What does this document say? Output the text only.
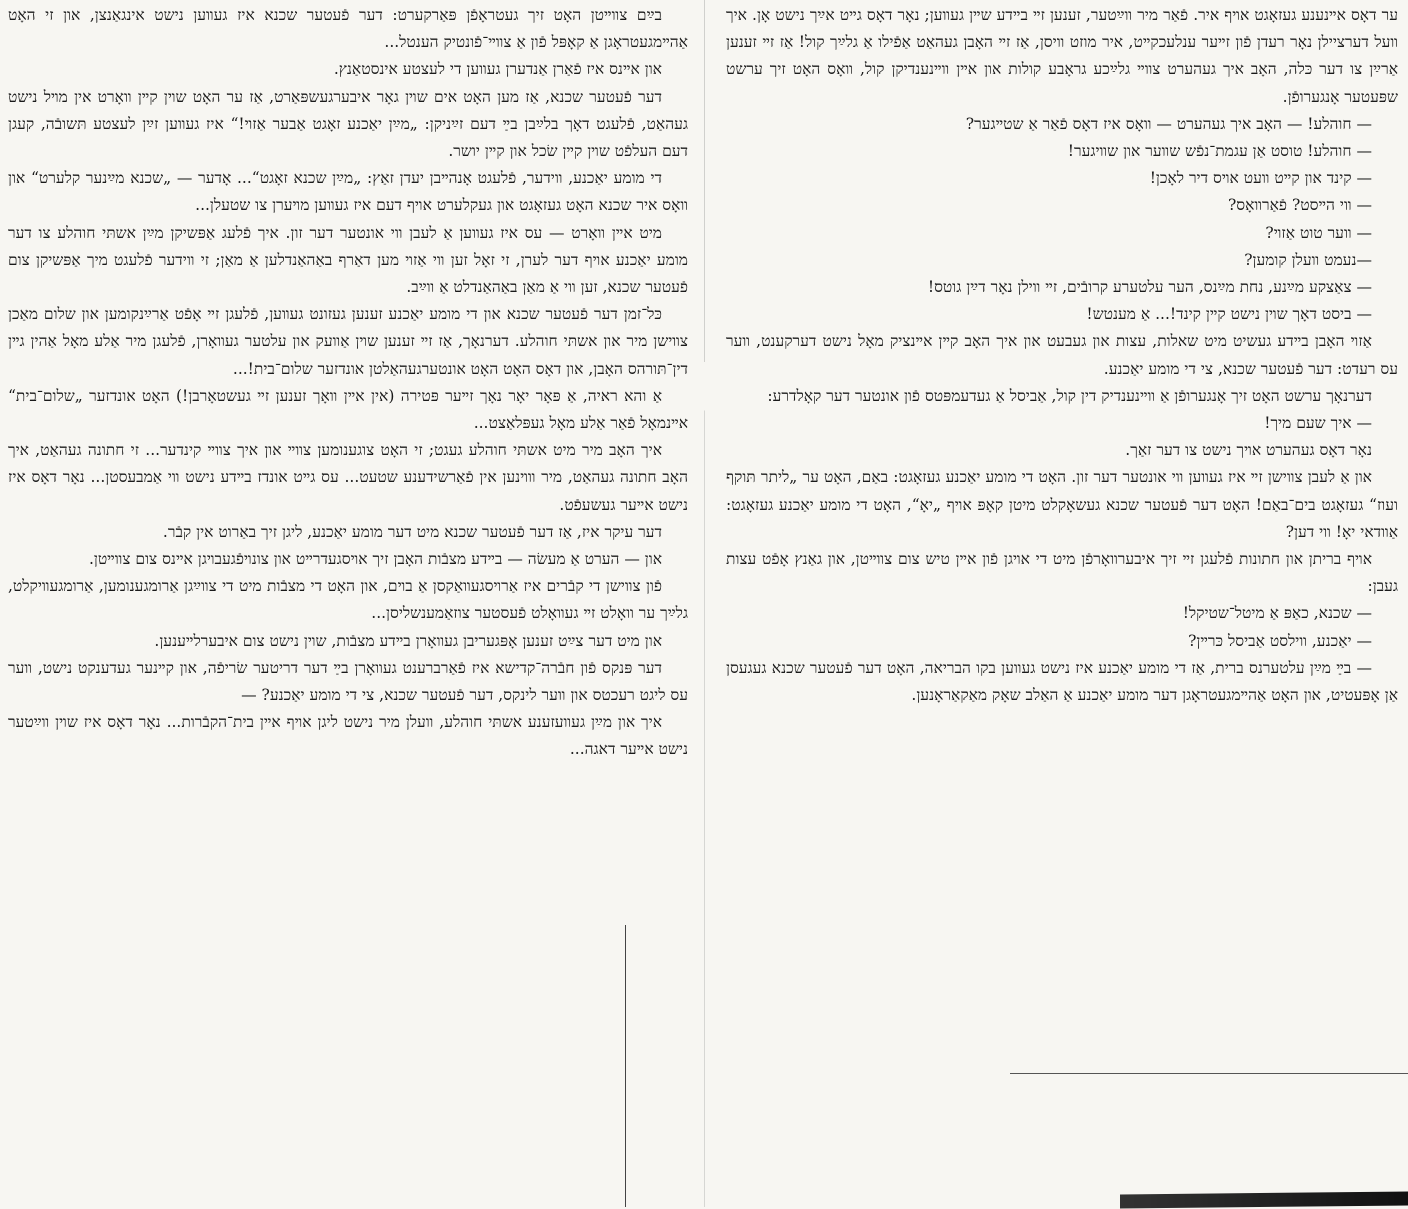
בײַם צװײטן האָט זיך געטראָפֿן פּאַרקערט: דער פֿעטער שכנא איז געװען נישט אינגאַנצן, און זי האָט אַהײמגעטראָגן אַ קאָפּל פֿון אַ צװײ־פֿונטיק הענטל...

און אײנס איז פֿאַרן אַנדערן געװען די לעצטע אינסטאַנץ.

דער פֿעטער שכנא, אַז מען האָט אים שױן גאָר איבערגעשפּאַרט, אַז ער האָט שױן קײן װאָרט אין מױל נישט געהאַט, פֿלעגט דאָך בלײַבן בײַ דעם זײַניקן: „מײַן יאַכנע זאָגט אַבער אַזױ!“ איז געװען זײַן לעצטע תּשובֿה, קעגן דעם העלפֿט שױן קײן שׂכל און קײן יושר.

די מומע יאַכנע, װידער, פֿלעגט אָנהײבן יעדן זאַץ: „מײַן שכנא זאָגט“... אָדער — „שכנא מײַנער קלערט“ און װאָס איר שכנא האָט געזאָגט און געקלערט אױף דעם איז געװען מױערן צו שטעלן...

מיט אײן װאָרט — עס איז געװען אַ לעבן װי אונטער דער זון. איך פֿלעג אַפּשיקן מײַן אשתּי חוהלע צו דער מומע יאַכנע אױף דער לערן, זי זאָל זען װי אַזױ מען דאַרף באַהאַנדלען אַ מאַן; זי װידער פֿלעגט מיך אַפּשיקן צום פֿעטער שכנא, זען װי אַ מאַן באַהאַנדלט אַ װײַב.

כּל־זמן דער פֿעטער שכנא און די מומע יאַכנע זענען געזונט געװען, פֿלעגן זײ אָפֿט אַרײַנקומען און שלום מאַכן צװישן מיר און אשתּי חוהלע. דערנאָך, אַז זײ זענען שױן אַװעק און עלטער געװאָרן, פֿלעגן מיר אַלע מאָל אַהין גײן דין־תּורהס האָבן, און דאָס האָט האָט אונטערגעהאַלטן אונדזער שלום־בית!...

אַ והא ראיה, אַ פּאָר יאָר נאָך זײער פּטירה (אין אײן װאָך זענען זײ געשטאָרבן!) האָט אונדזער „שלום־בית“ אײנמאָל פֿאַר אַלע מאָל געפּלאַצט...

איך האָב מיר מיט אשתּי חוהלע געגט; זי האָט צוגענומען צװײ און איך צװײ קינדער... זי חתונה געהאַט, איך האָב חתונה געהאַט, מיר װױנען אין פֿאַרשידענע שטעט... עס גײט אונדז בײדע נישט װי אַמבעסטן... נאָר דאָס איז נישט אײער געשעפֿט.

דער עיקר איז, אַז דער פֿעטער שכנא מיט דער מומע יאַכנע, ליגן זיך באַרוט אין קבֿר.

און — הערט אַ מעשׂה — בײדע מצבֿות האָבן זיך אױסגעדרײט און צונױפֿגעבױגן אײנס צום צװײטן.

פֿון צװישן די קבֿרים איז אַרױסגעװאַקסן אַ בױם, און האָט די מצבֿות מיט די צװײַגן אַרומגענומען, אַרומגעװיקלט, גלײַך ער װאָלט זײ געװאָלט פֿעסטער צוזאַמענשליסן...

און מיט דער צײַט זענען אָפּגעריבן געװאָרן בײדע מצבֿות, שױן נישט צום איבערלײענען.

דער פּנקס פֿון חבֿרה־קדישא איז פֿאַרברענט געװאָרן בײַ דער דריטער שׂריפֿה, און קײנער געדענקט נישט, װער עס ליגט רעכטס און װער לינקס, דער פֿעטער שכנא, צי די מומע יאַכנע? —

איך און מײַן געװעזענע אשתּי חוהלע, װעלן מיר נישט ליגן אױף אײן בית־הקבֿרות... נאָר דאָס איז שױן װײַטער נישט אײער דאגה...

ער דאָס אײנענע געזאָגט אױף איר. פֿאַר מיר װײַטער, זענען זײ בײדע שײן געװען; נאָר דאָס גײט אײַך נישט אָן. איך װעל דערציילן נאָר רעדן פֿון זײער ענלעכקײט, איר מוזט װיסן, אַז זײ האָבן געהאַט אַפֿילו אַ גלײַך קול! אַז זײ זענען אַרײַן צו דער כּלה, האָב איך געהערט צװײ גלײַכע גראָבע קולות און אײן װײנענדיקן קול, װאָס האָט זיך ערשט שפּעטער אָנגערופֿן.

— חוהלע! — האָב איך געהערט — װאָס איז דאָס פֿאַר אַ שטײגער?

— חוהלע! טוסט אַן עגמת־נפֿש שװער און שװיגער!

— קינד און קײט װעט אױס דיר לאָכן!

— װי הײסט? פֿאַרװאָס?

— װער טוט אַזױ?

—נעמט װעלן קומען?

— צאַצקע מײַנע, נחת מײַנס, הער עלטערע קרובֿים, זײ װילן נאָר דײַן גוטס!

— ביסט דאָך שױן נישט קײן קינד!... אַ מענטש!

אַזױ האָבן בײדע געשיט מיט שאלות, עצות און געבעט און איך האָב קײן אײנציק מאָל נישט דערקענט, װער עס רעדט: דער פֿעטער שכנא, צי די מומע יאַכנע.

דערנאָך ערשט האָט זיך אָנגערופֿן אַ װײנענדיק דין קול, אַביסל אַ געדעמפּטס פֿון אונטער דער קאָלדרע:

— איך שעם מיך!

נאָר דאָס געהערט אױך נישט צו דער זאַך.

און אַ לעבן צװישן זײ איז געװען װי אונטער דער זון. האָט די מומע יאַכנע געזאָגט: באַם, האָט ער „ליתר תּוקף ועוז“ געזאָגט בים־באַם! האָט דער פֿעטער שכנא געשאָקלט מיטן קאָפּ אױף „יאָ“, האָט די מומע יאַכנע געזאָגט: אַװדאי יאָ! װי דען?

אױף בריתן און חתונות פֿלעגן זײ זיך איבערװאָרפֿן מיט די אױגן פֿון אײן טיש צום צװײטן, און גאַנץ אָפֿט עצות געבן:

— שכנא, כאַפּ אַ מיטל־שטיקל!

— יאַכנע, װילסט אַביסל כּרײן?

— בײַ מײַן עלטערנס ברית, אַז די מומע יאַכנע איז נישט געװען בקו הבריאה, האָט דער פֿעטער שכנא געגעסן אַן אָפּעטיט, און האָט אַהײמגעטראָגן דער מומע יאַכנע אַ האַלב שאָק מאַקאַראָנען.
